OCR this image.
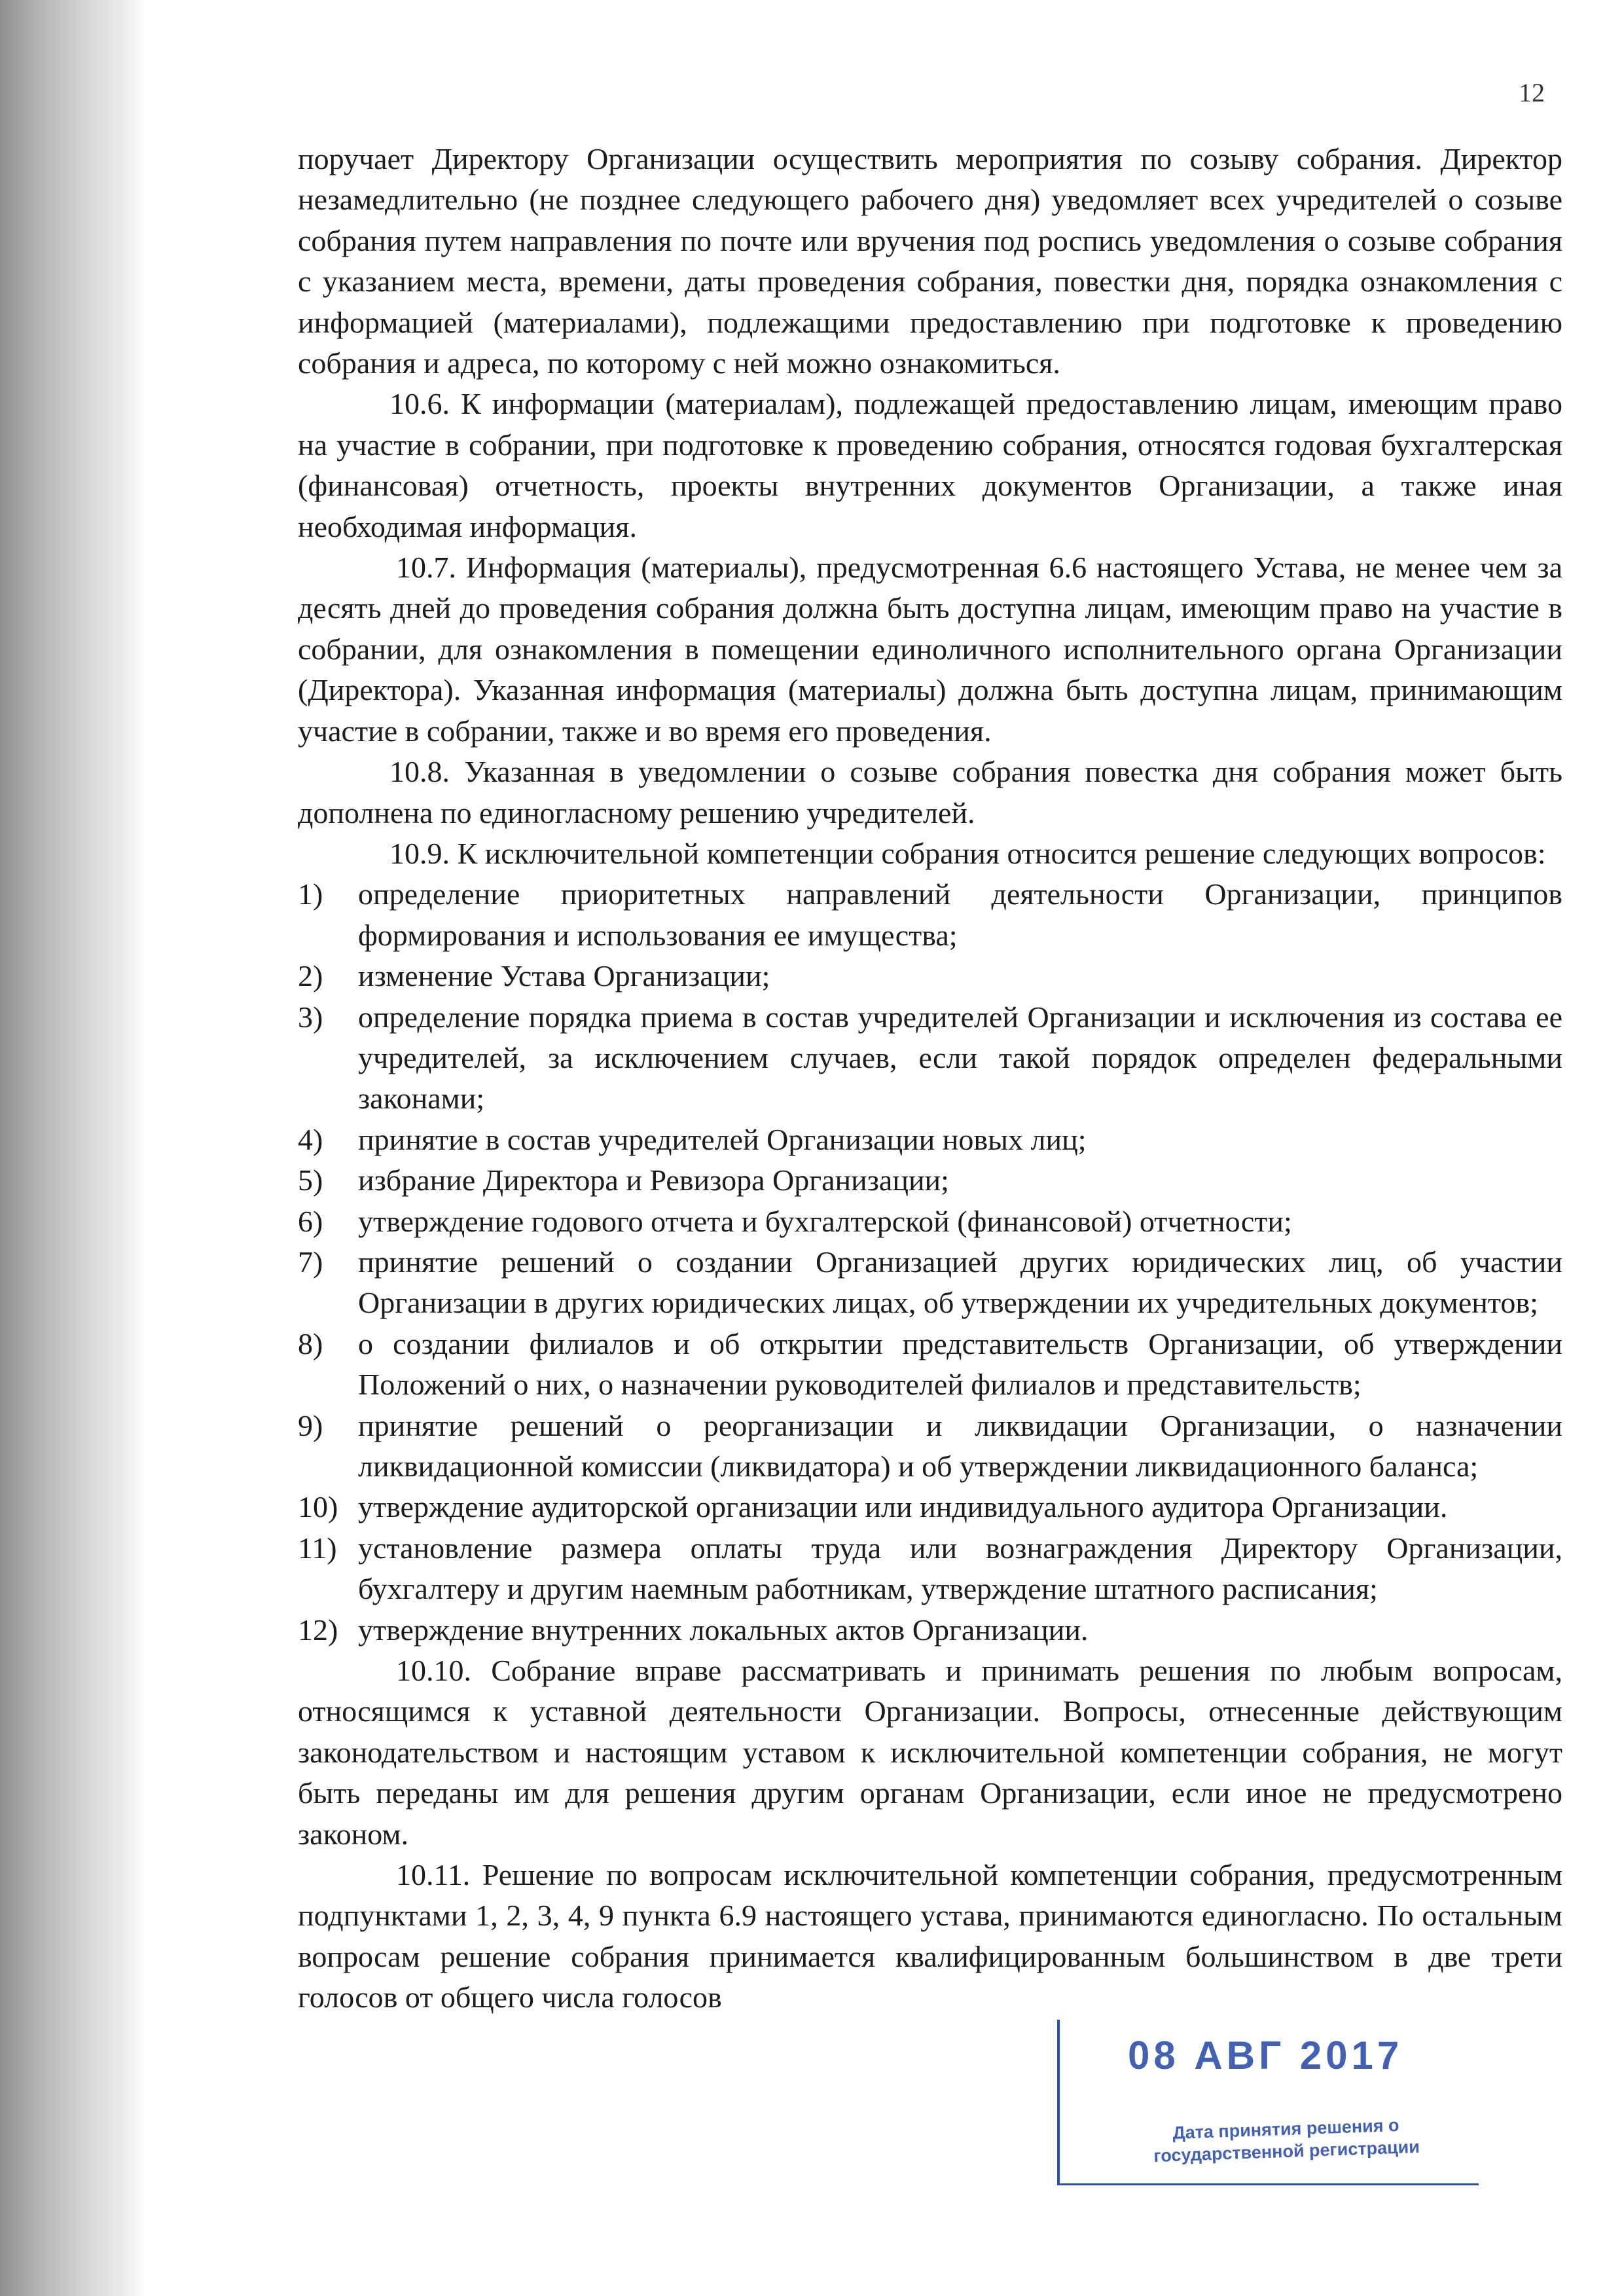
12

поручает Директору Организации осуществить мероприятия по созыву собрания. Директор незамедлительно (не позднее следующего рабочего дня) уведомляет всех учредителей о созыве собрания путем направления по почте или вручения под роспись уведомления о созыве собрания с указанием места, времени, даты проведения собрания, повестки дня, порядка ознакомления с информацией (материалами), подлежащими предоставлению при подготовке к проведению собрания и адреса, по которому с ней можно ознакомиться.

10.6. К информации (материалам), подлежащей предоставлению лицам, имеющим право на участие в собрании, при подготовке к проведению собрания, относятся годовая бухгалтерская (финансовая) отчетность, проекты внутренних документов Организации, а также иная необходимая информация.

10.7. Информация (материалы), предусмотренная 6.6 настоящего Устава, не менее чем за десять дней до проведения собрания должна быть доступна лицам, имеющим право на участие в собрании, для ознакомления в помещении единоличного исполнительного органа Организации (Директора). Указанная информация (материалы) должна быть доступна лицам, принимающим участие в собрании, также и во время его проведения.

10.8. Указанная в уведомлении о созыве собрания повестка дня собрания может быть дополнена по единогласному решению учредителей.

10.9. К исключительной компетенции собрания относится решение следующих вопросов:

1) определение приоритетных направлений деятельности Организации, принципов формирования и использования ее имущества;
2) изменение Устава Организации;
3) определение порядка приема в состав учредителей Организации и исключения из состава ее учредителей, за исключением случаев, если такой порядок определен федеральными законами;
4) принятие в состав учредителей Организации новых лиц;
5) избрание Директора и Ревизора Организации;
6) утверждение годового отчета и бухгалтерской (финансовой) отчетности;
7) принятие решений о создании Организацией других юридических лиц, об участии Организации в других юридических лицах, об утверждении их учредительных документов;
8) о создании филиалов и об открытии представительств Организации, об утверждении Положений о них, о назначении руководителей филиалов и представительств;
9) принятие решений о реорганизации и ликвидации Организации, о назначении ликвидационной комиссии (ликвидатора) и об утверждении ликвидационного баланса;
10) утверждение аудиторской организации или индивидуального аудитора Организации.
11) установление размера оплаты труда или вознаграждения Директору Организации, бухгалтеру и другим наемным работникам, утверждение штатного расписания;
12) утверждение внутренних локальных актов Организации.

10.10. Собрание вправе рассматривать и принимать решения по любым вопросам, относящимся к уставной деятельности Организации. Вопросы, отнесенные действующим законодательством и настоящим уставом к исключительной компетенции собрания, не могут быть переданы им для решения другим органам Организации, если иное не предусмотрено законом.

10.11. Решение по вопросам исключительной компетенции собрания, предусмотренным подпунктами 1, 2, 3, 4, 9 пункта 6.9 настоящего устава, принимаются единогласно. По остальным вопросам решение собрания принимается квалифицированным большинством в две трети голосов от общего числа голосов

08 АВГ 2017
Дата принятия решения о государственной регистрации
